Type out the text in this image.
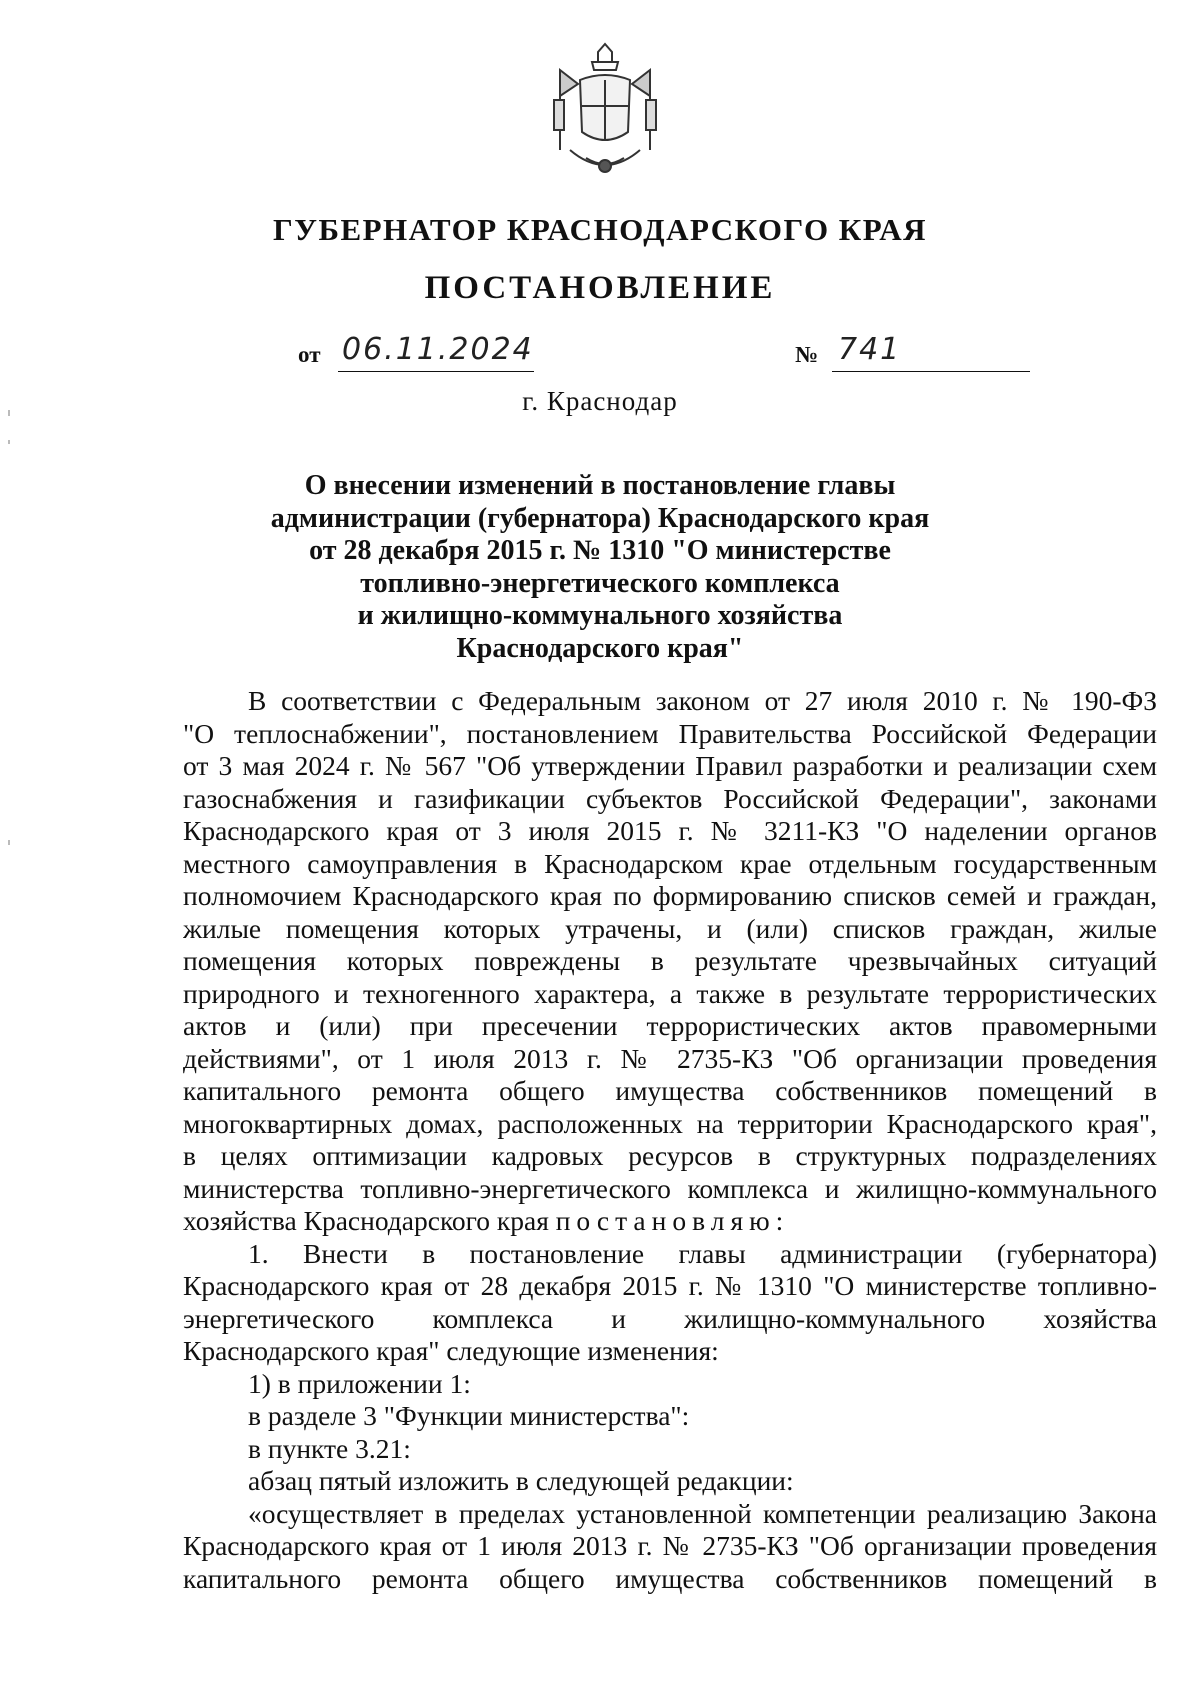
ГУБЕРНАТОР КРАСНОДАРСКОГО КРАЯ
ПОСТАНОВЛЕНИЕ
от 06.11.2024	№ 741
г. Краснодар
О внесении изменений в постановление главы
администрации (губернатора) Краснодарского края
от 28 декабря 2015 г. № 1310 "О министерстве
топливно-энергетического комплекса
и жилищно-коммунального хозяйства
Краснодарского края"
В соответствии с Федеральным законом от 27 июля 2010 г. № 190-ФЗ
"О теплоснабжении", постановлением Правительства Российской Федерации
от 3 мая 2024 г. № 567 "Об утверждении Правил разработки и реализации схем
газоснабжения и газификации субъектов Российской Федерации", законами
Краснодарского края от 3 июля 2015 г. № 3211-КЗ "О наделении органов
местного самоуправления в Краснодарском крае отдельным государственным
полномочием Краснодарского края по формированию списков семей и граждан,
жилые помещения которых утрачены, и (или) списков граждан, жилые
помещения которых повреждены в результате чрезвычайных ситуаций
природного и техногенного характера, а также в результате террористических
актов и (или) при пресечении террористических актов правомерными
действиями", от 1 июля 2013 г. № 2735-КЗ "Об организации проведения
капитального ремонта общего имущества собственников помещений в
многоквартирных домах, расположенных на территории Краснодарского края",
в целях оптимизации кадровых ресурсов в структурных подразделениях
министерства топливно-энергетического комплекса и жилищно-коммунального
хозяйства Краснодарского края постановляю:
1. Внести в постановление главы администрации (губернатора)
Краснодарского края от 28 декабря 2015 г. № 1310 "О министерстве топливно-
энергетического комплекса и жилищно-коммунального хозяйства
Краснодарского края" следующие изменения:
1) в приложении 1:
в разделе 3 "Функции министерства":
в пункте 3.21:
абзац пятый изложить в следующей редакции:
«осуществляет в пределах установленной компетенции реализацию Закона
Краснодарского края от 1 июля 2013 г. № 2735-КЗ "Об организации проведения
капитального ремонта общего имущества собственников помещений в
